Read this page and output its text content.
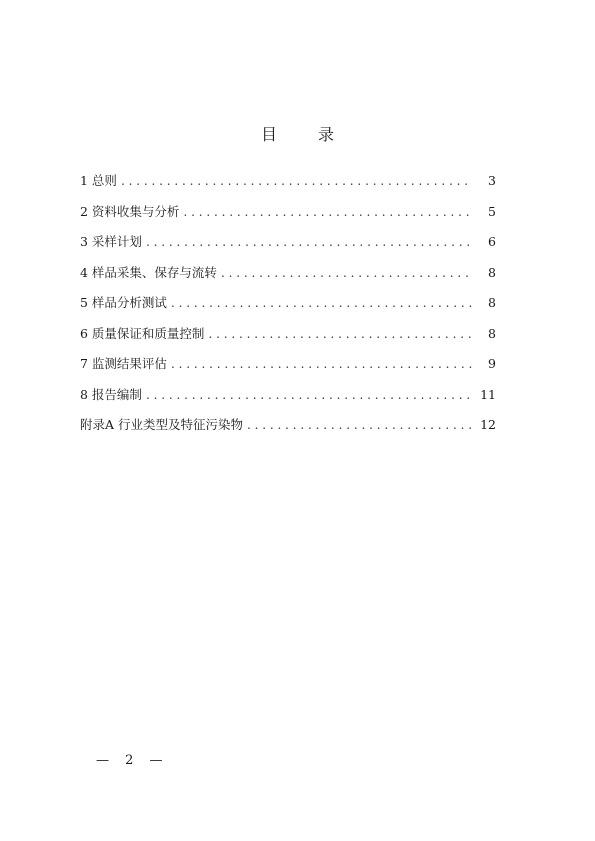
目 录
1 总则 . . .	3
2 资料收集与分析 . . .	5
3 采样计划 . . .	6
4 样品采集、保存与流转 . . .	8
5 样品分析测试 . . .	8
6 质量保证和质量控制 . . .	8
7 监测结果评估 . . .	9
8 报告编制 . . .	11
附录A 行业类型及特征污染物 . . .	12
— 2 —
